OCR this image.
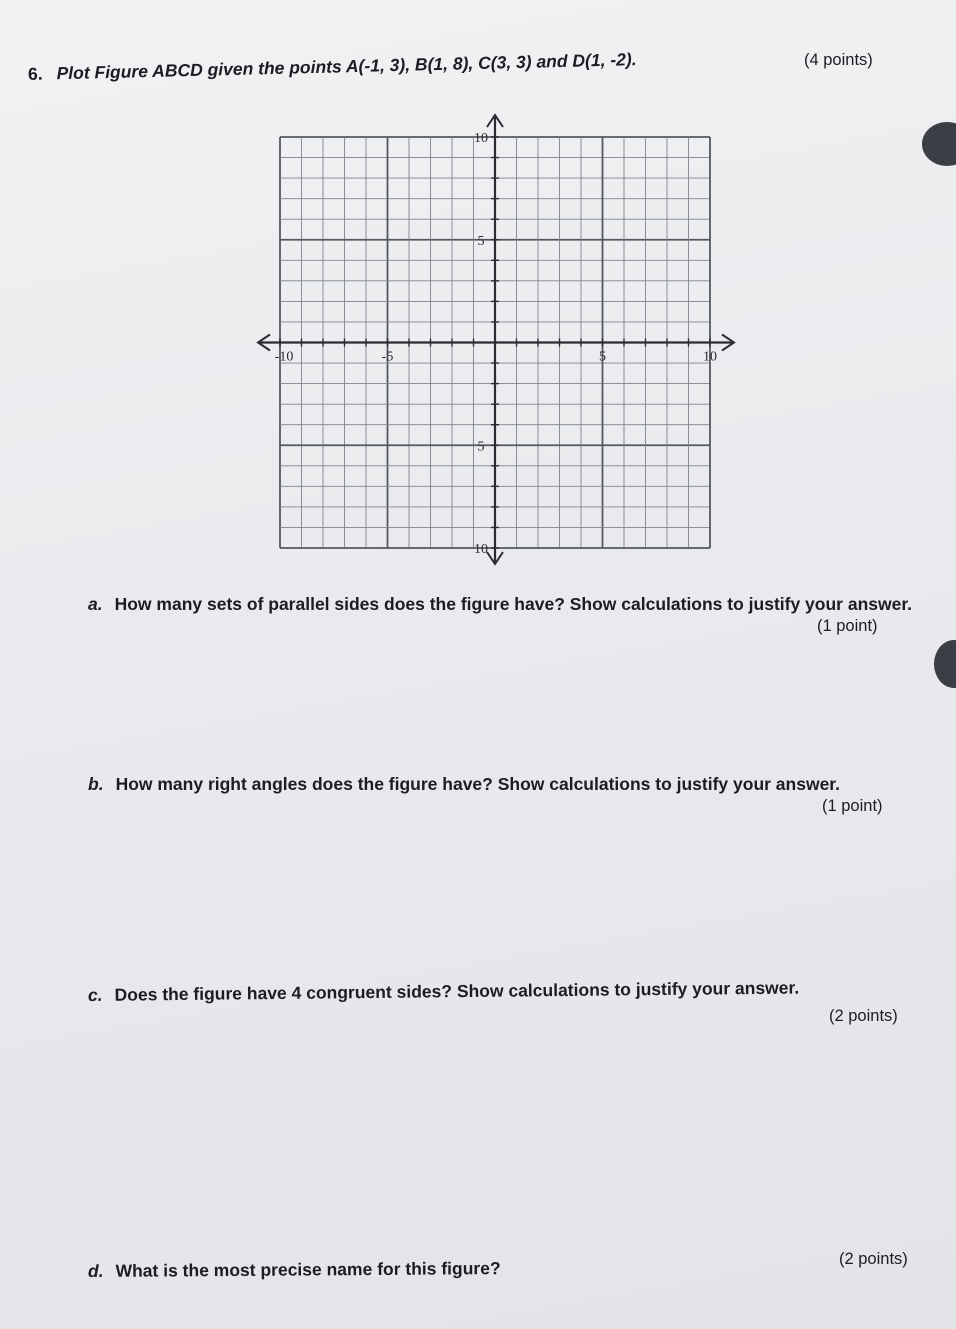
6. Plot Figure ABCD given the points A(-1, 3), B(1, 8), C(3, 3) and D(1, -2).	(4 points)
-10	-5	5	10
10
5
5
10
a. How many sets of parallel sides does the figure have? Show calculations to justify your answer.
(1 point)
b. How many right angles does the figure have? Show calculations to justify your answer.
(1 point)
c. Does the figure have 4 congruent sides? Show calculations to justify your answer.
(2 points)
d. What is the most precise name for this figure?	(2 points)
